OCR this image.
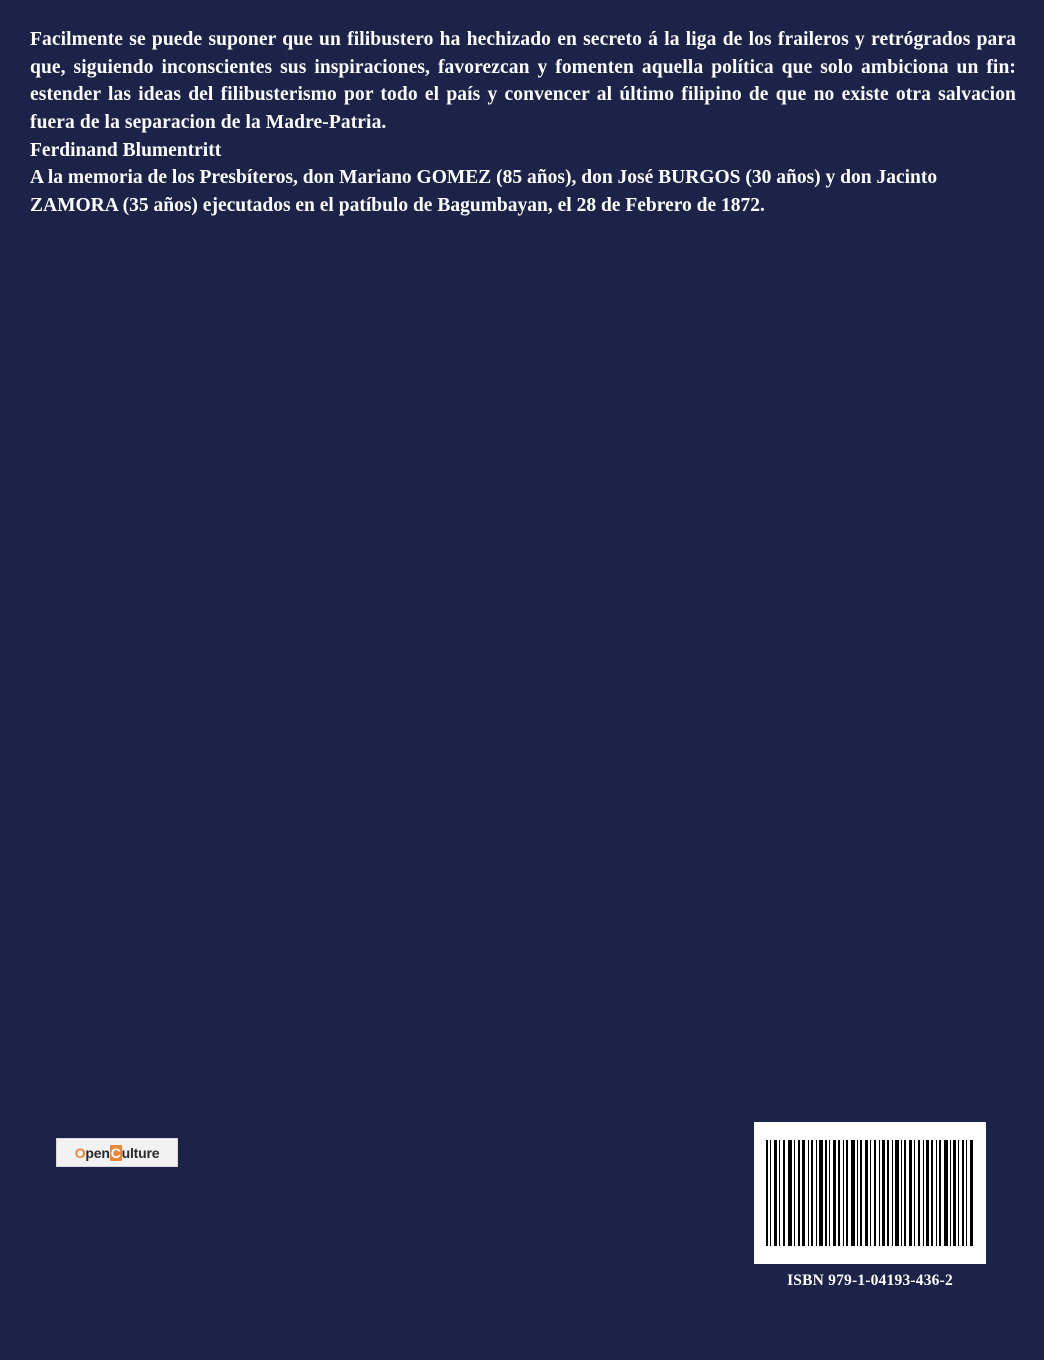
Facilmente se puede suponer que un filibustero ha hechizado en secreto á la liga de los fraileros y retrógrados para que, siguiendo inconscientes sus inspiraciones, favorezcan y fomenten aquella política que solo ambiciona un fin: estender las ideas del filibusterismo por todo el país y convencer al último filipino de que no existe otra salvacion fuera de la separacion de la Madre-Patria.

Ferdinand Blumentritt

A la memoria de los Presbíteros, don Mariano GOMEZ (85 años), don José BURGOS (30 años) y don Jacinto ZAMORA (35 años) ejecutados en el patíbulo de Bagumbayan, el 28 de Febrero de 1872.

OpenCulture
ISBN 979-1-04193-436-2
